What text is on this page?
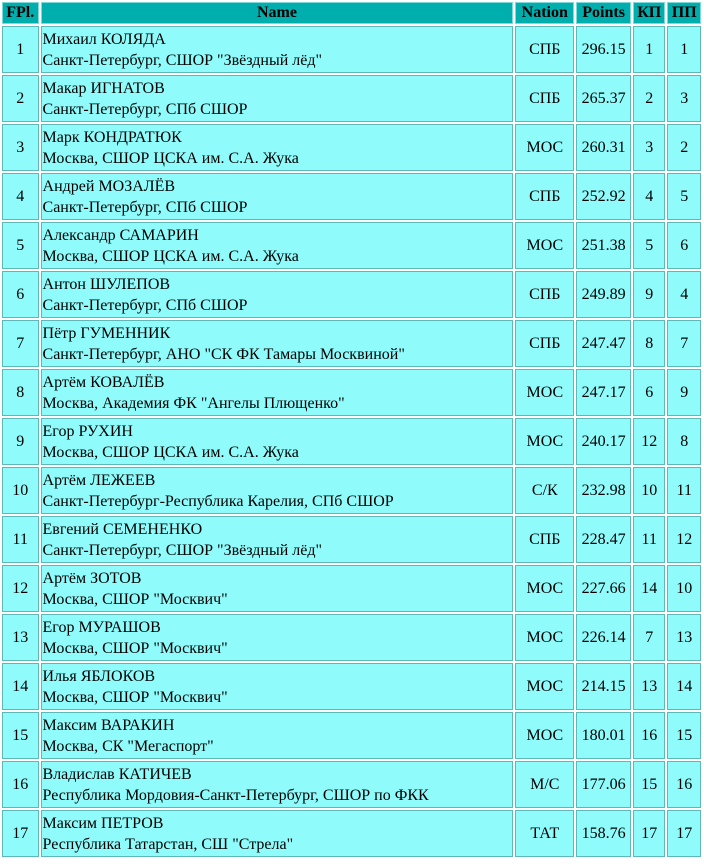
FPl.	Name	Nation	Points	КП	ПП
1	Михаил КОЛЯДА
Санкт-Петербург, СШОР "Звёздный лёд"	СПБ	296.15	1	1
2	Макар ИГНАТОВ
Санкт-Петербург, СПб СШОР	СПБ	265.37	2	3
3	Марк КОНДРАТЮК
Москва, СШОР ЦСКА им. С.А. Жука	МОС	260.31	3	2
4	Андрей МОЗАЛЁВ
Санкт-Петербург, СПб СШОР	СПБ	252.92	4	5
5	Александр САМАРИН
Москва, СШОР ЦСКА им. С.А. Жука	МОС	251.38	5	6
6	Антон ШУЛЕПОВ
Санкт-Петербург, СПб СШОР	СПБ	249.89	9	4
7	Пётр ГУМЕННИК
Санкт-Петербург, АНО "СК ФК Тамары Москвиной"	СПБ	247.47	8	7
8	Артём КОВАЛЁВ
Москва, Академия ФК "Ангелы Плющенко"	МОС	247.17	6	9
9	Егор РУХИН
Москва, СШОР ЦСКА им. С.А. Жука	МОС	240.17	12	8
10	Артём ЛЕЖЕЕВ
Санкт-Петербург-Республика Карелия, СПб СШОР	С/К	232.98	10	11
11	Евгений СЕМЕНЕНКО
Санкт-Петербург, СШОР "Звёздный лёд"	СПБ	228.47	11	12
12	Артём ЗОТОВ
Москва, СШОР "Москвич"	МОС	227.66	14	10
13	Егор МУРАШОВ
Москва, СШОР "Москвич"	МОС	226.14	7	13
14	Илья ЯБЛОКОВ
Москва, СШОР "Москвич"	МОС	214.15	13	14
15	Максим ВАРАКИН
Москва, СК "Мегаспорт"	МОС	180.01	16	15
16	Владислав КАТИЧЕВ
Республика Мордовия-Санкт-Петербург, СШОР по ФКК	М/С	177.06	15	16
17	Максим ПЕТРОВ
Республика Татарстан, СШ "Стрела"	ТАТ	158.76	17	17
